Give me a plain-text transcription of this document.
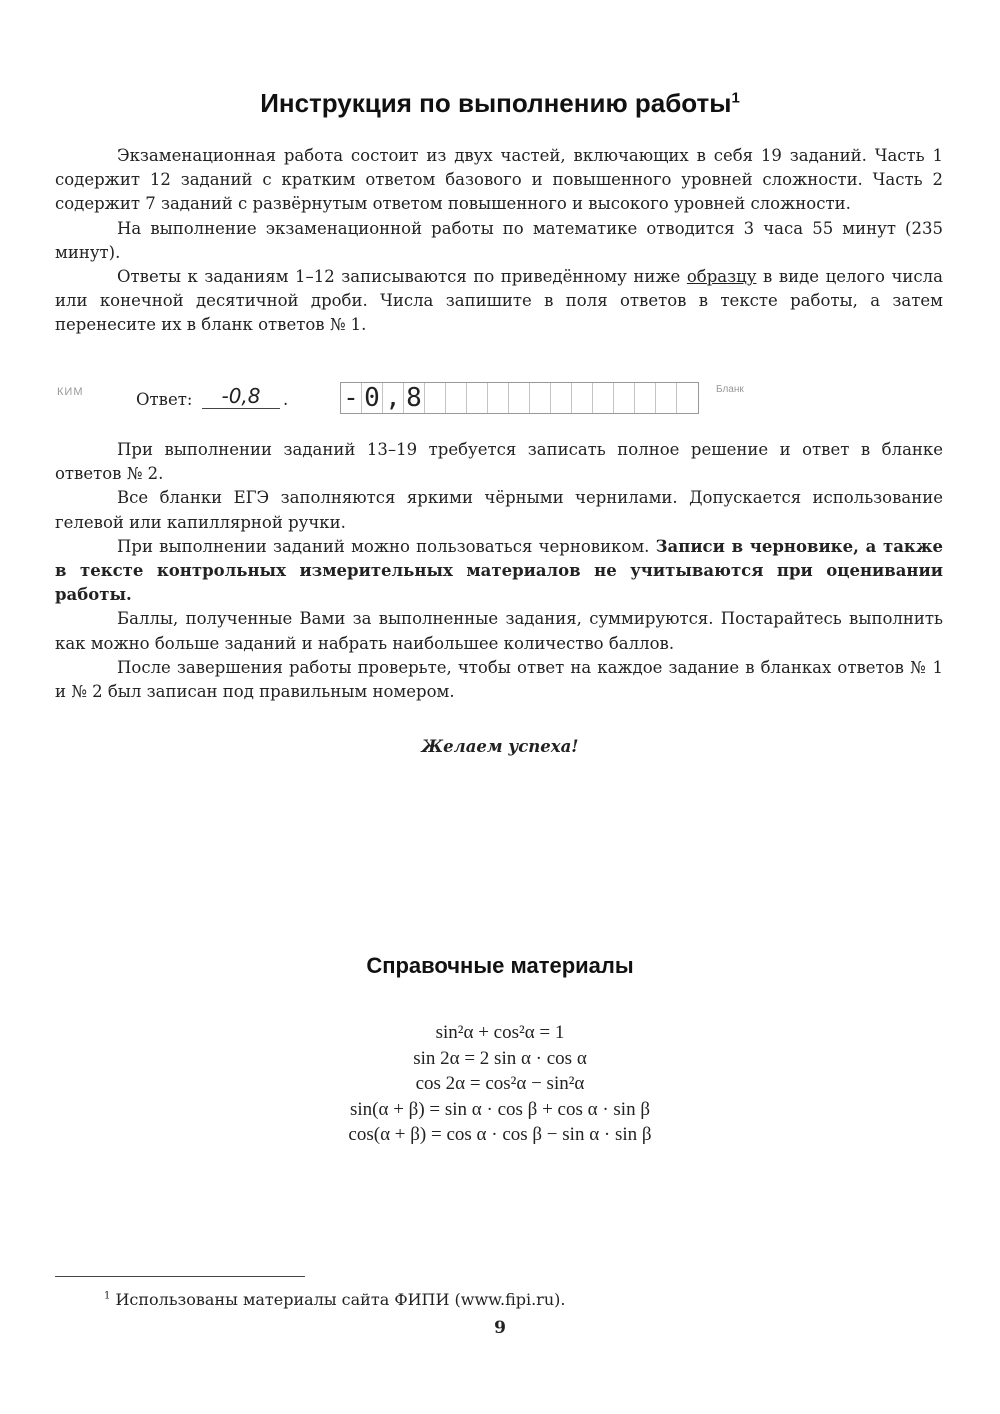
Инструкция по выполнению работы$^1$

Экзаменационная работа состоит из двух частей, включающих в себя 19 заданий. Часть 1 содержит 12 заданий с кратким ответом базового и повышенного уровней сложности. Часть 2 содержит 7 заданий с развёрнутым ответом повышенного и высокого уровней сложности.

На выполнение экзаменационной работы по математике отводится 3 часа 55 минут (235 минут).

Ответы к заданиям 1–12 записываются по приведённому ниже образцу в виде целого числа или конечной десятичной дроби. Числа запишите в поля ответов в тексте работы, а затем перенесите их в бланк ответов № 1.

КИМ	Ответ:	-0,8	. - 0 , 8	Бланк

При выполнении заданий 13–19 требуется записать полное решение и ответ в бланке ответов № 2.

Все бланки ЕГЭ заполняются яркими чёрными чернилами. Допускается использование гелевой или капиллярной ручки.

При выполнении заданий можно пользоваться черновиком. Записи в черновике, а также в тексте контрольных измерительных материалов не учитываются при оценивании работы.

Баллы, полученные Вами за выполненные задания, суммируются. Постарайтесь выполнить как можно больше заданий и набрать наибольшее количество баллов.

После завершения работы проверьте, чтобы ответ на каждое задание в бланках ответов № 1 и № 2 был записан под правильным номером.

Желаем успеха!
Справочные материалы
sin²α + cos²α = 1
sin 2α = 2 sin α · cos α
cos 2α = cos²α − sin²α
sin(α + β) = sin α · cos β + cos α · sin β
cos(α + β) = cos α · cos β − sin α · sin β
$^1$ Использованы материалы сайта ФИПИ (www.fipi.ru).
9
